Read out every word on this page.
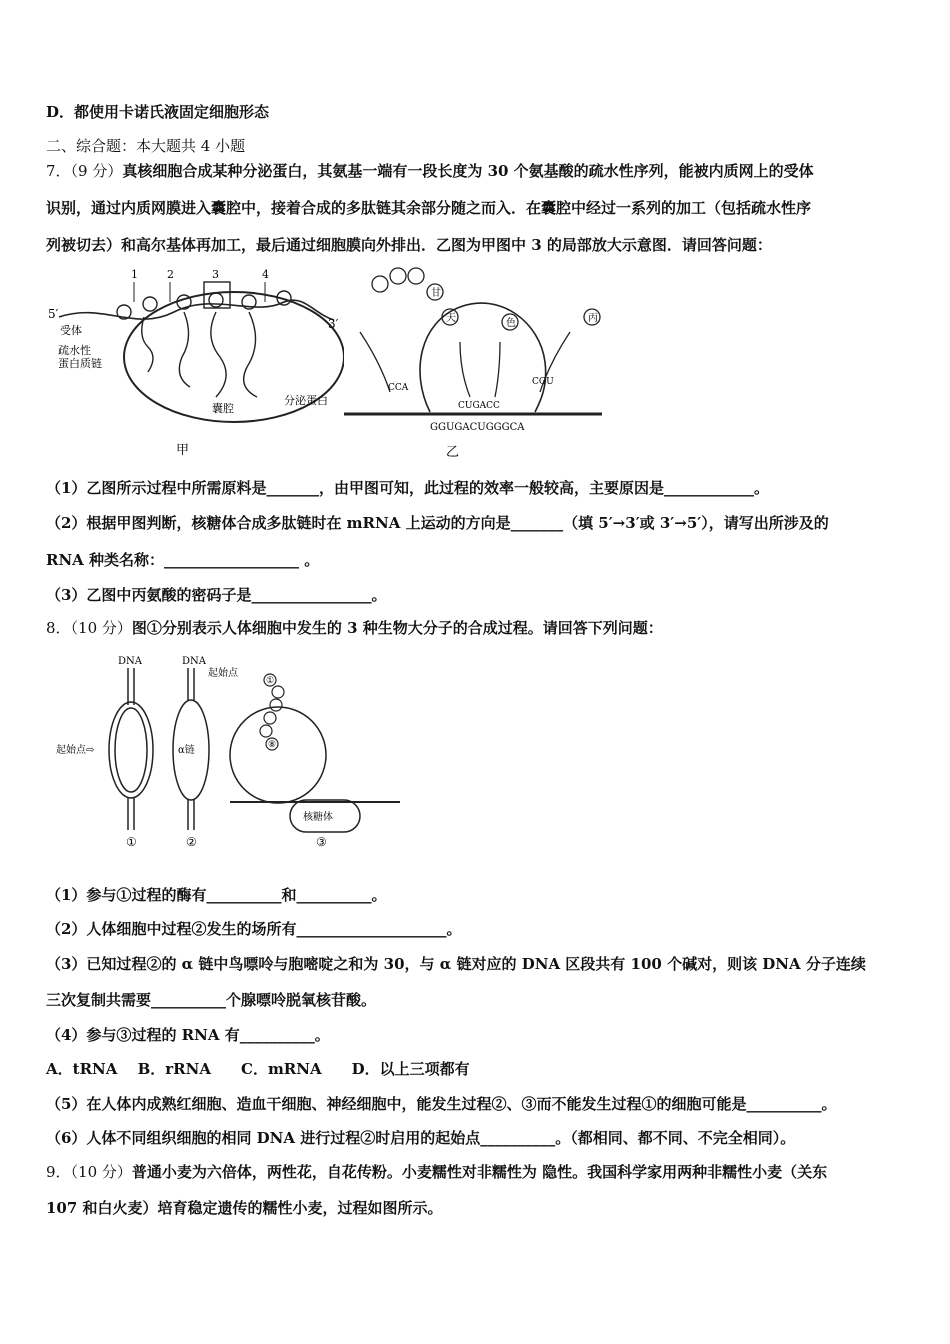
D．都使用卡诺氏液固定细胞形态
二、综合题：本大题共 4 小题
7．（9 分）真核细胞合成某种分泌蛋白，其氨基一端有一段长度为 30 个氨基酸的疏水性序列，能被内质网上的受体
识别，通过内质网膜进入囊腔中，接着合成的多肽链其余部分随之而入．在囊腔中经过一系列的加工（包括疏水性序
列被切去）和高尔基体再加工，最后通过细胞膜向外排出．乙图为甲图中 3 的局部放大示意图．请回答问题：
5′
3′
1	2	3	4
受体
疏水性
蛋白质链
囊腔
分泌蛋白
甲
甘
天	色	丙
CCA
CUGACC
CGU
GGUGACUGGGCA
乙
（1）乙图所示过程中所需原料是_______，由甲图可知，此过程的效率一般较高，主要原因是____________。
（2）根据甲图判断，核糖体合成多肽链时在 mRNA 上运动的方向是_______（填 5′→3′或 3′→5′），请写出所涉及的
RNA 种类名称：__________________ 。
（3）乙图中丙氨酸的密码子是________________。
8．（10 分）图①分别表示人体细胞中发生的 3 种生物大分子的合成过程。请回答下列问题：
DNA	DNA
起始点
起始点⇨	α链
①
⑧
核糖体
①	②	③
（1）参与①过程的酶有__________和__________。
（2）人体细胞中过程②发生的场所有____________________。
（3）已知过程②的 α 链中鸟嘌呤与胞嘧啶之和为 30，与 α 链对应的 DNA 区段共有 100 个碱对，则该 DNA 分子连续
三次复制共需要__________个腺嘌呤脱氧核苷酸。
（4）参与③过程的 RNA 有__________。
A．tRNA　 B．rRNA　　C．mRNA　　D．以上三项都有
（5）在人体内成熟红细胞、造血干细胞、神经细胞中，能发生过程②、③而不能发生过程①的细胞可能是__________。
（6）人体不同组织细胞的相同 DNA 进行过程②时启用的起始点__________。（都相同、都不同、不完全相同）。
9．（10 分）普通小麦为六倍体，两性花，自花传粉。小麦糯性对非糯性为 隐性。我国科学家用两种非糯性小麦（关东
107 和白火麦）培育稳定遗传的糯性小麦，过程如图所示。
